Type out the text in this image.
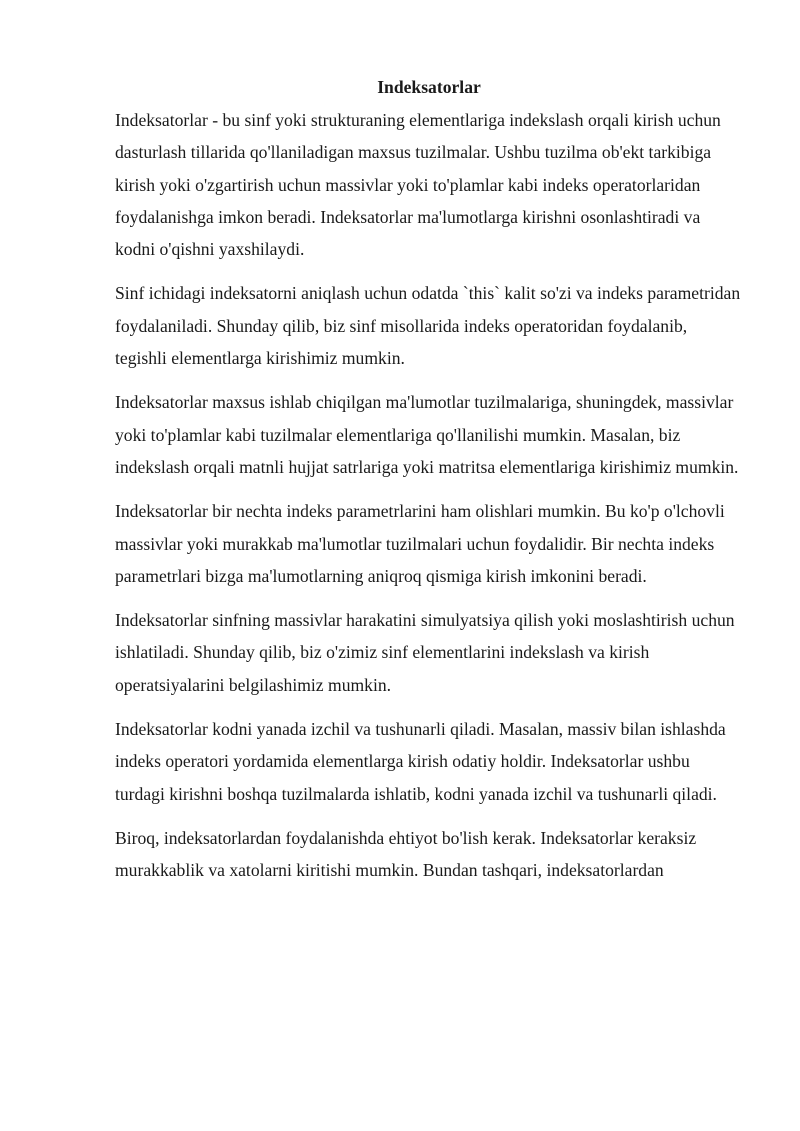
Indeksatorlar

Indeksatorlar - bu sinf yoki strukturaning elementlariga indekslash orqali kirish uchun dasturlash tillarida qo'llaniladigan maxsus tuzilmalar. Ushbu tuzilma ob'ekt tarkibiga kirish yoki o'zgartirish uchun massivlar yoki to'plamlar kabi indeks operatorlaridan foydalanishga imkon beradi. Indeksatorlar ma'lumotlarga kirishni osonlashtiradi va kodni o'qishni yaxshilaydi.

Sinf ichidagi indeksatorni aniqlash uchun odatda `this` kalit so'zi va indeks parametridan foydalaniladi. Shunday qilib, biz sinf misollarida indeks operatoridan foydalanib, tegishli elementlarga kirishimiz mumkin.

Indeksatorlar maxsus ishlab chiqilgan ma'lumotlar tuzilmalariga, shuningdek, massivlar yoki to'plamlar kabi tuzilmalar elementlariga qo'llanilishi mumkin. Masalan, biz indekslash orqali matnli hujjat satrlariga yoki matritsa elementlariga kirishimiz mumkin.

Indeksatorlar bir nechta indeks parametrlarini ham olishlari mumkin. Bu ko'p o'lchovli massivlar yoki murakkab ma'lumotlar tuzilmalari uchun foydalidir. Bir nechta indeks parametrlari bizga ma'lumotlarning aniqroq qismiga kirish imkonini beradi.

Indeksatorlar sinfning massivlar harakatini simulyatsiya qilish yoki moslashtirish uchun ishlatiladi. Shunday qilib, biz o'zimiz sinf elementlarini indekslash va kirish operatsiyalarini belgilashimiz mumkin.

Indeksatorlar kodni yanada izchil va tushunarli qiladi. Masalan, massiv bilan ishlashda indeks operatori yordamida elementlarga kirish odatiy holdir. Indeksatorlar ushbu turdagi kirishni boshqa tuzilmalarda ishlatib, kodni yanada izchil va tushunarli qiladi.

Biroq, indeksatorlardan foydalanishda ehtiyot bo'lish kerak. Indeksatorlar keraksiz murakkablik va xatolarni kiritishi mumkin. Bundan tashqari, indeksatorlardan
